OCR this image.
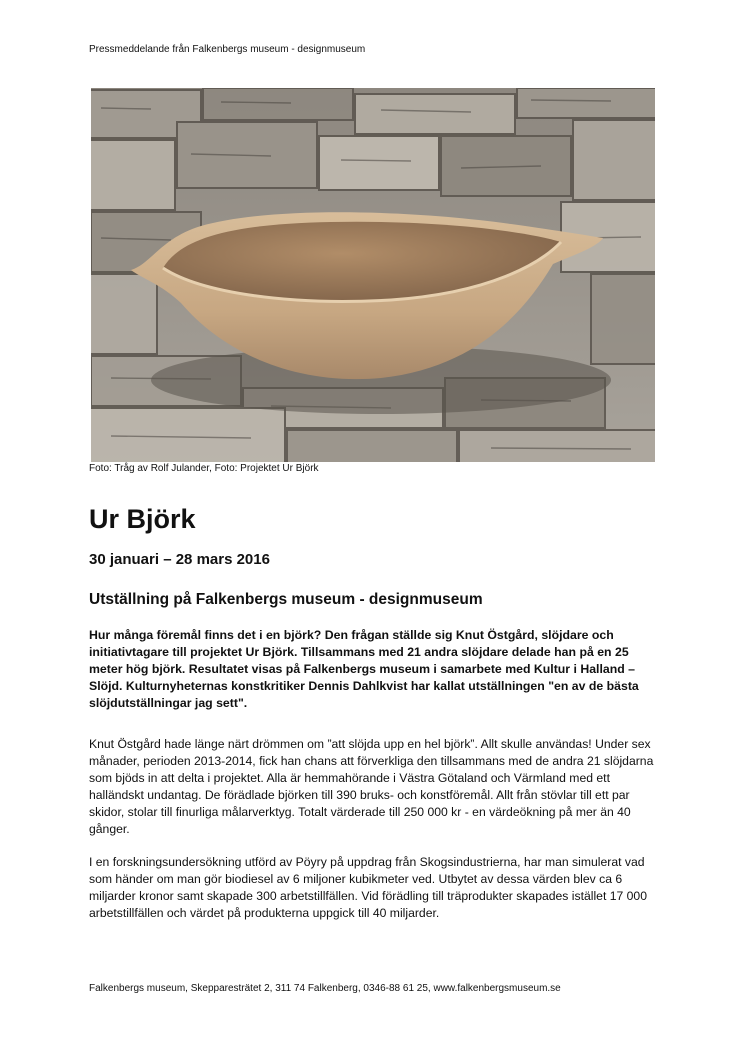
Pressmeddelande från Falkenbergs museum - designmuseum
Foto: Tråg av Rolf Julander, Foto: Projektet Ur Björk
Ur Björk

30 januari – 28 mars 2016

Utställning på Falkenbergs museum - designmuseum

Hur många föremål finns det i en björk? Den frågan ställde sig Knut Östgård, slöjdare och initiativtagare till projektet Ur Björk. Tillsammans med 21 andra slöjdare delade han på en 25 meter hög björk. Resultatet visas på Falkenbergs museum i samarbete med Kultur i Halland – Slöjd. Kulturnyheternas konstkritiker Dennis Dahlkvist har kallat utställningen "en av de bästa slöjdutställningar jag sett".

Knut Östgård hade länge närt drömmen om ”att slöjda upp en hel björk”. Allt skulle användas! Under sex månader, perioden 2013-2014, fick han chans att förverkliga den tillsammans med de andra 21 slöjdarna som bjöds in att delta i projektet. Alla är hemmahörande i Västra Götaland och Värmland med ett halländskt undantag. De förädlade björken till 390 bruks- och konstföremål. Allt från stövlar till ett par skidor, stolar till finurliga målarverktyg. Totalt värderade till 250 000 kr - en värdeökning på mer än 40 gånger.

I en forskningsundersökning utförd av Pöyry på uppdrag från Skogsindustrierna, har man simulerat vad som händer om man gör biodiesel av 6 miljoner kubikmeter ved. Utbytet av dessa värden blev ca 6 miljarder kronor samt skapade 300 arbetstillfällen. Vid förädling till träprodukter skapades istället 17 000 arbetstillfällen och värdet på produkterna uppgick till 40 miljarder.

Falkenbergs museum, Skepparesträtet 2, 311 74 Falkenberg, 0346-88 61 25, www.falkenbergsmuseum.se
